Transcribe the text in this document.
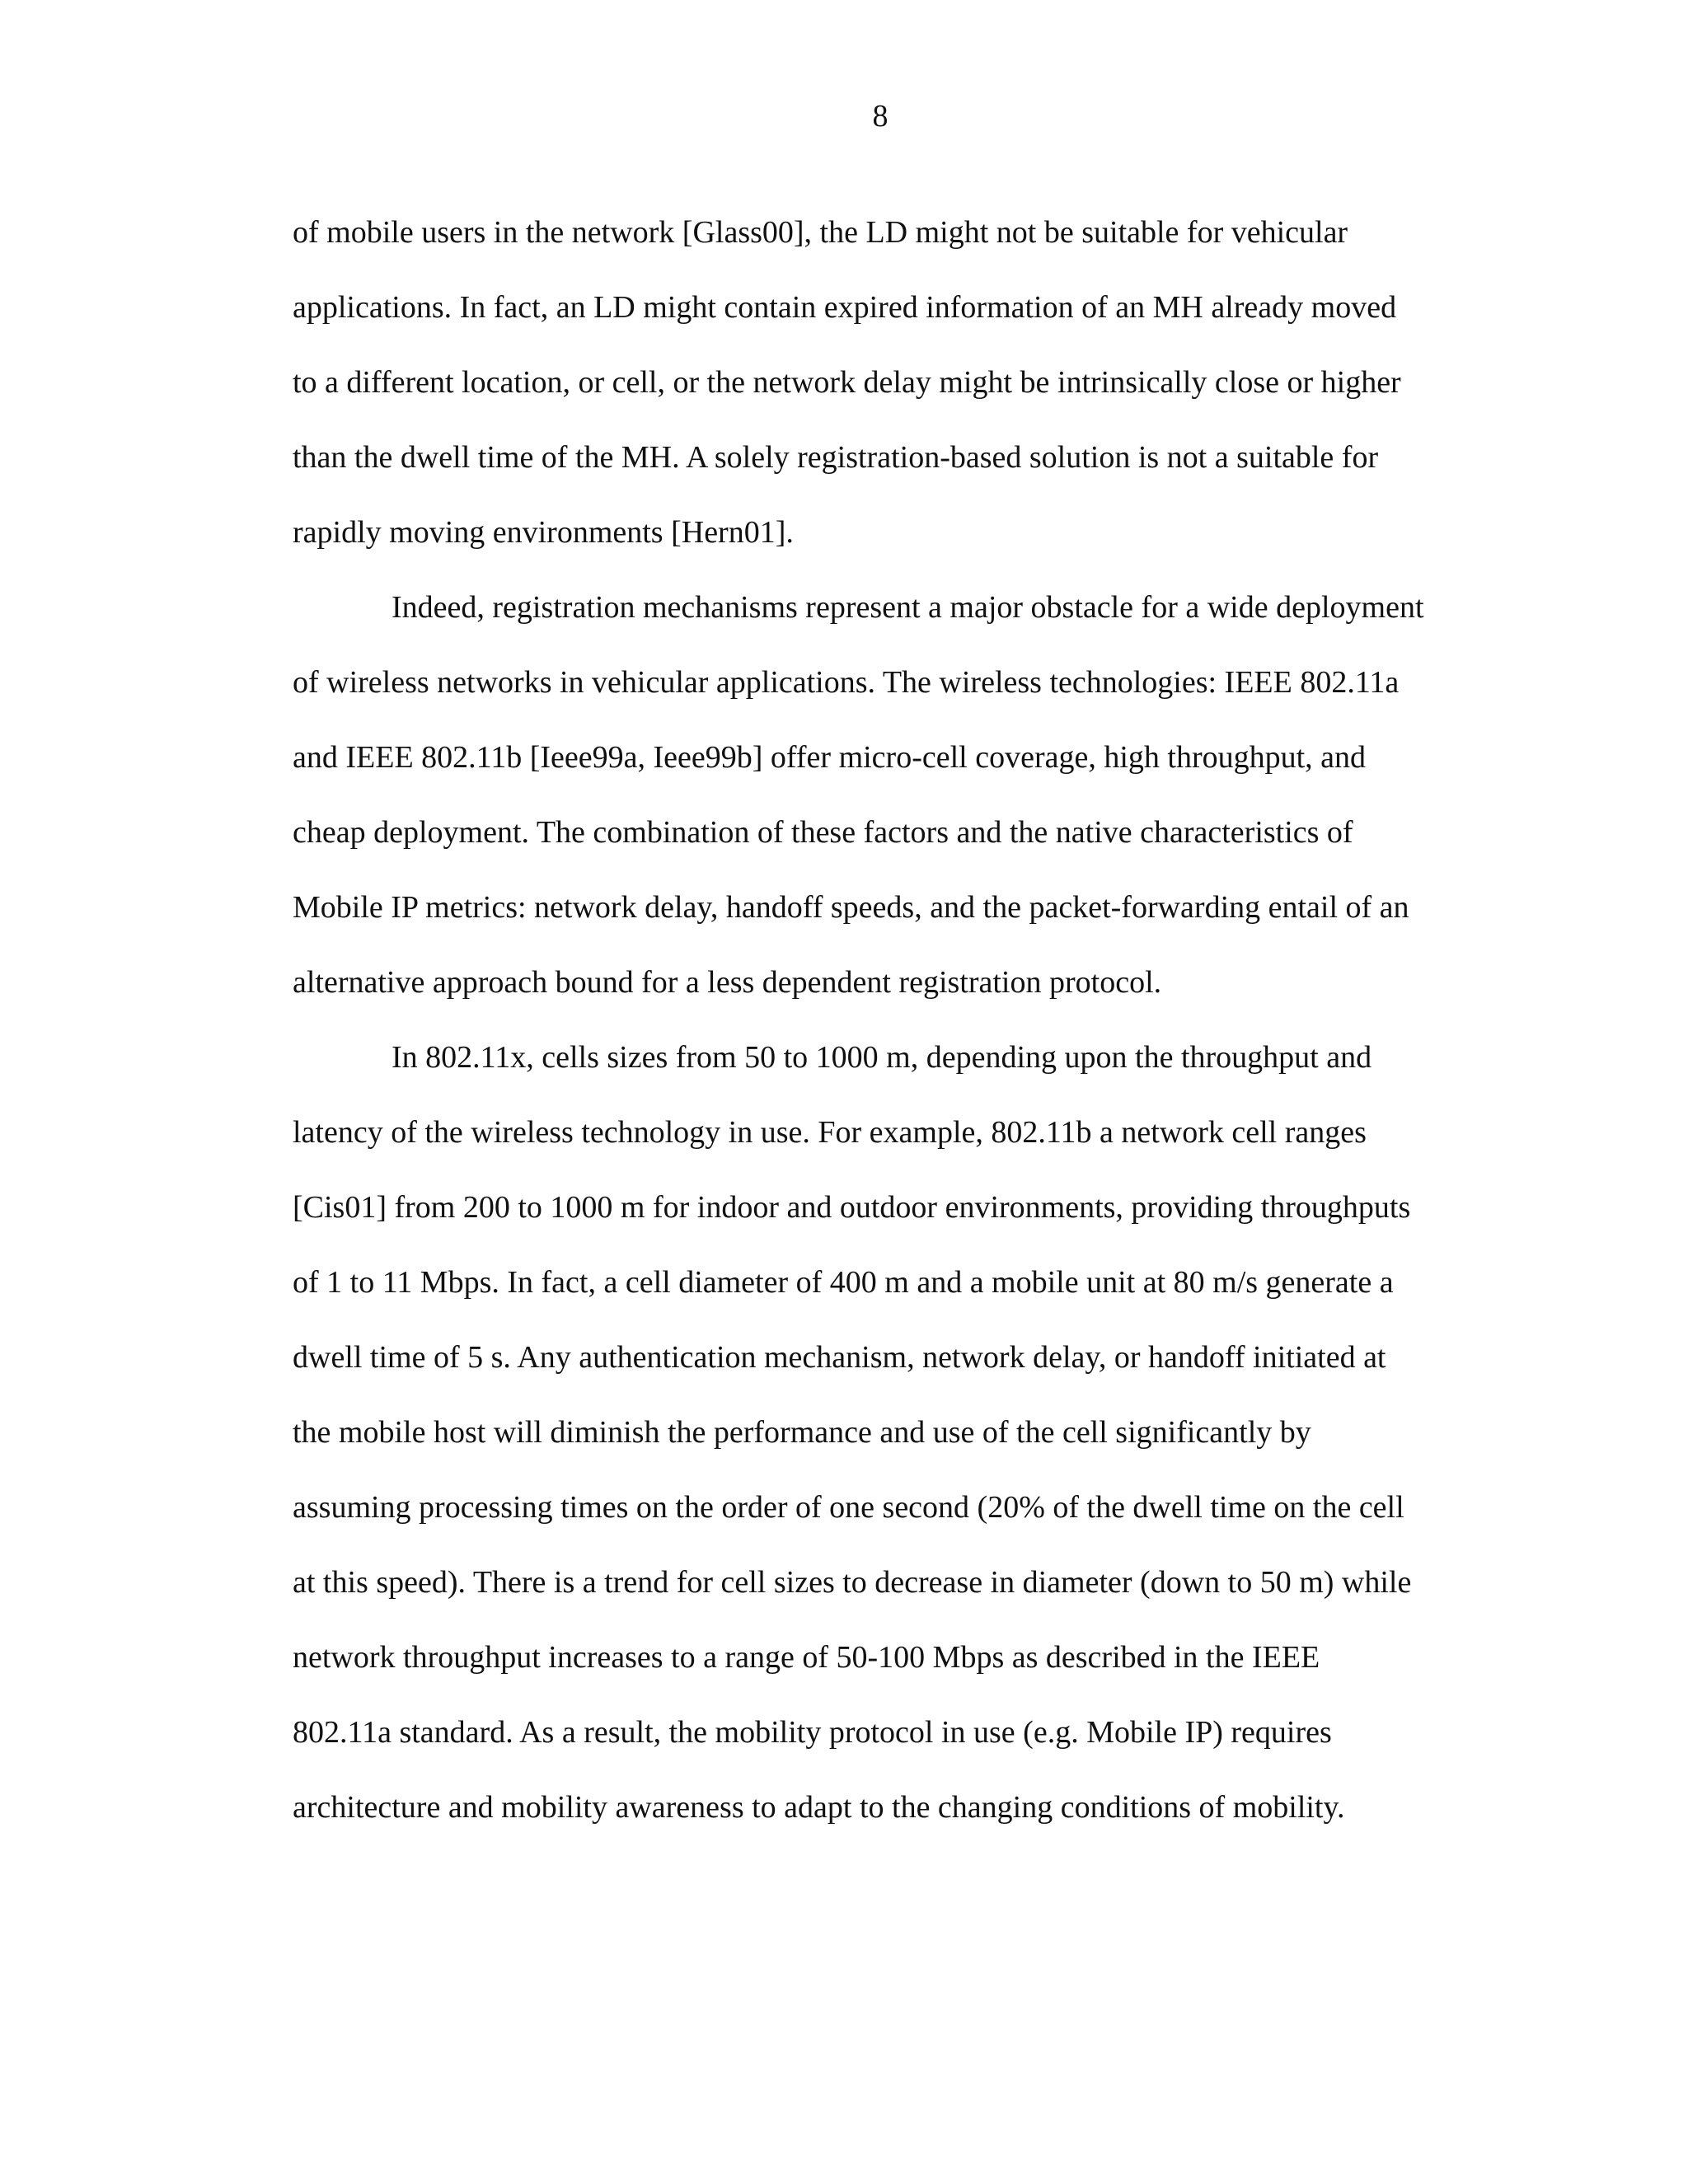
8
of mobile users in the network [Glass00], the LD might not be suitable for vehicular
applications. In fact, an LD might contain expired information of an MH already moved
to a different location, or cell, or the network delay might be intrinsically close or higher
than the dwell time of the MH. A solely registration-based solution is not a suitable for
rapidly moving environments [Hern01].
Indeed, registration mechanisms represent a major obstacle for a wide deployment
of wireless networks in vehicular applications. The wireless technologies: IEEE 802.11a
and IEEE 802.11b [Ieee99a, Ieee99b] offer micro-cell coverage, high throughput, and
cheap deployment. The combination of these factors and the native characteristics of
Mobile IP metrics: network delay, handoff speeds, and the packet-forwarding entail of an
alternative approach bound for a less dependent registration protocol.
In 802.11x, cells sizes from 50 to 1000 m, depending upon the throughput and
latency of the wireless technology in use. For example, 802.11b a network cell ranges
[Cis01] from 200 to 1000 m for indoor and outdoor environments, providing throughputs
of 1 to 11 Mbps. In fact, a cell diameter of 400 m and a mobile unit at 80 m/s generate a
dwell time of 5 s. Any authentication mechanism, network delay, or handoff initiated at
the mobile host will diminish the performance and use of the cell significantly by
assuming processing times on the order of one second (20% of the dwell time on the cell
at this speed). There is a trend for cell sizes to decrease in diameter (down to 50 m) while
network throughput increases to a range of 50-100 Mbps as described in the IEEE
802.11a standard. As a result, the mobility protocol in use (e.g. Mobile IP) requires
architecture and mobility awareness to adapt to the changing conditions of mobility.
